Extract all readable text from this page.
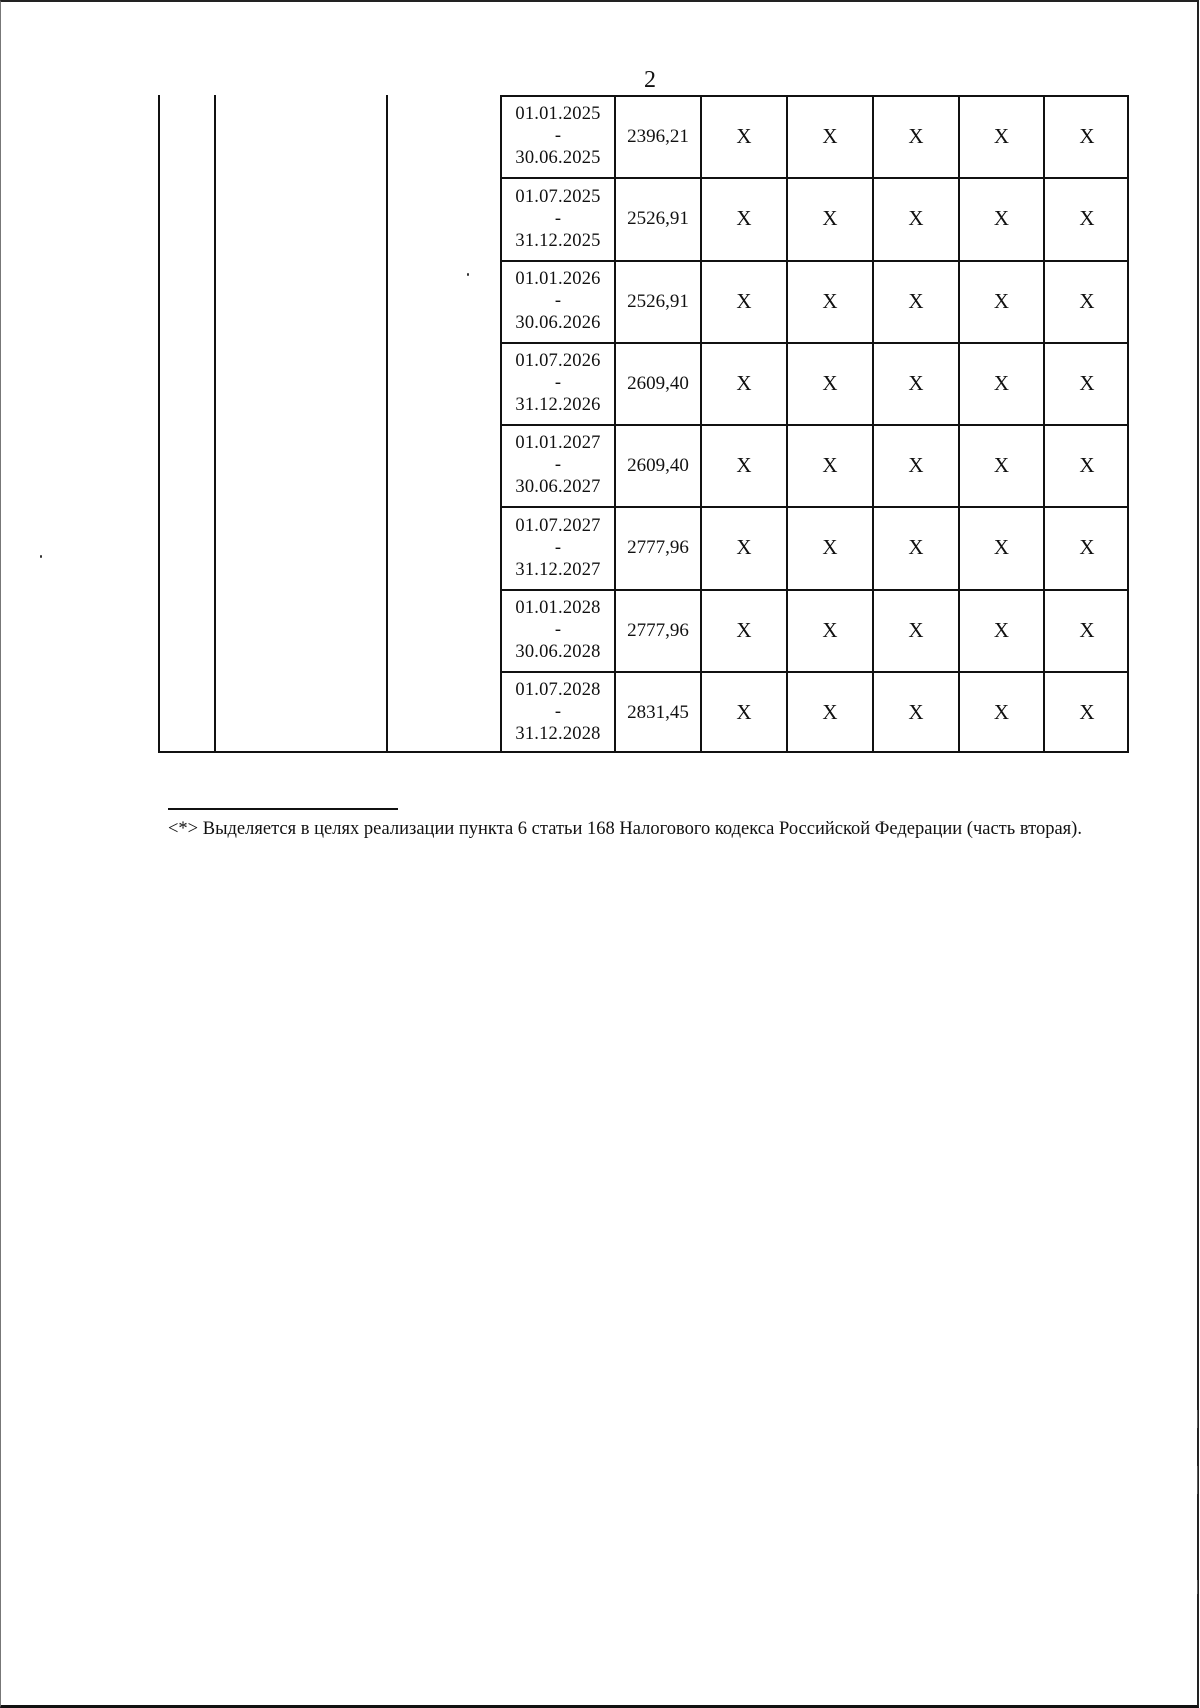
2
01.01.2025
-
30.06.2025
2396,21	X	X	X	X	X
01.07.2025
-
31.12.2025
2526,91	X	X	X	X	X
01.01.2026
-
30.06.2026
2526,91	X	X	X	X	X
01.07.2026
-
31.12.2026
2609,40	X	X	X	X	X
01.01.2027
-
30.06.2027
2609,40	X	X	X	X	X
01.07.2027
-
31.12.2027
2777,96	X	X	X	X	X
01.01.2028
-
30.06.2028
2777,96	X	X	X	X	X
01.07.2028
-
31.12.2028
2831,45	X	X	X	X	X
<*> Выделяется в целях реализации пункта 6 статьи 168 Налогового кодекса Российской Федерации (часть вторая).
